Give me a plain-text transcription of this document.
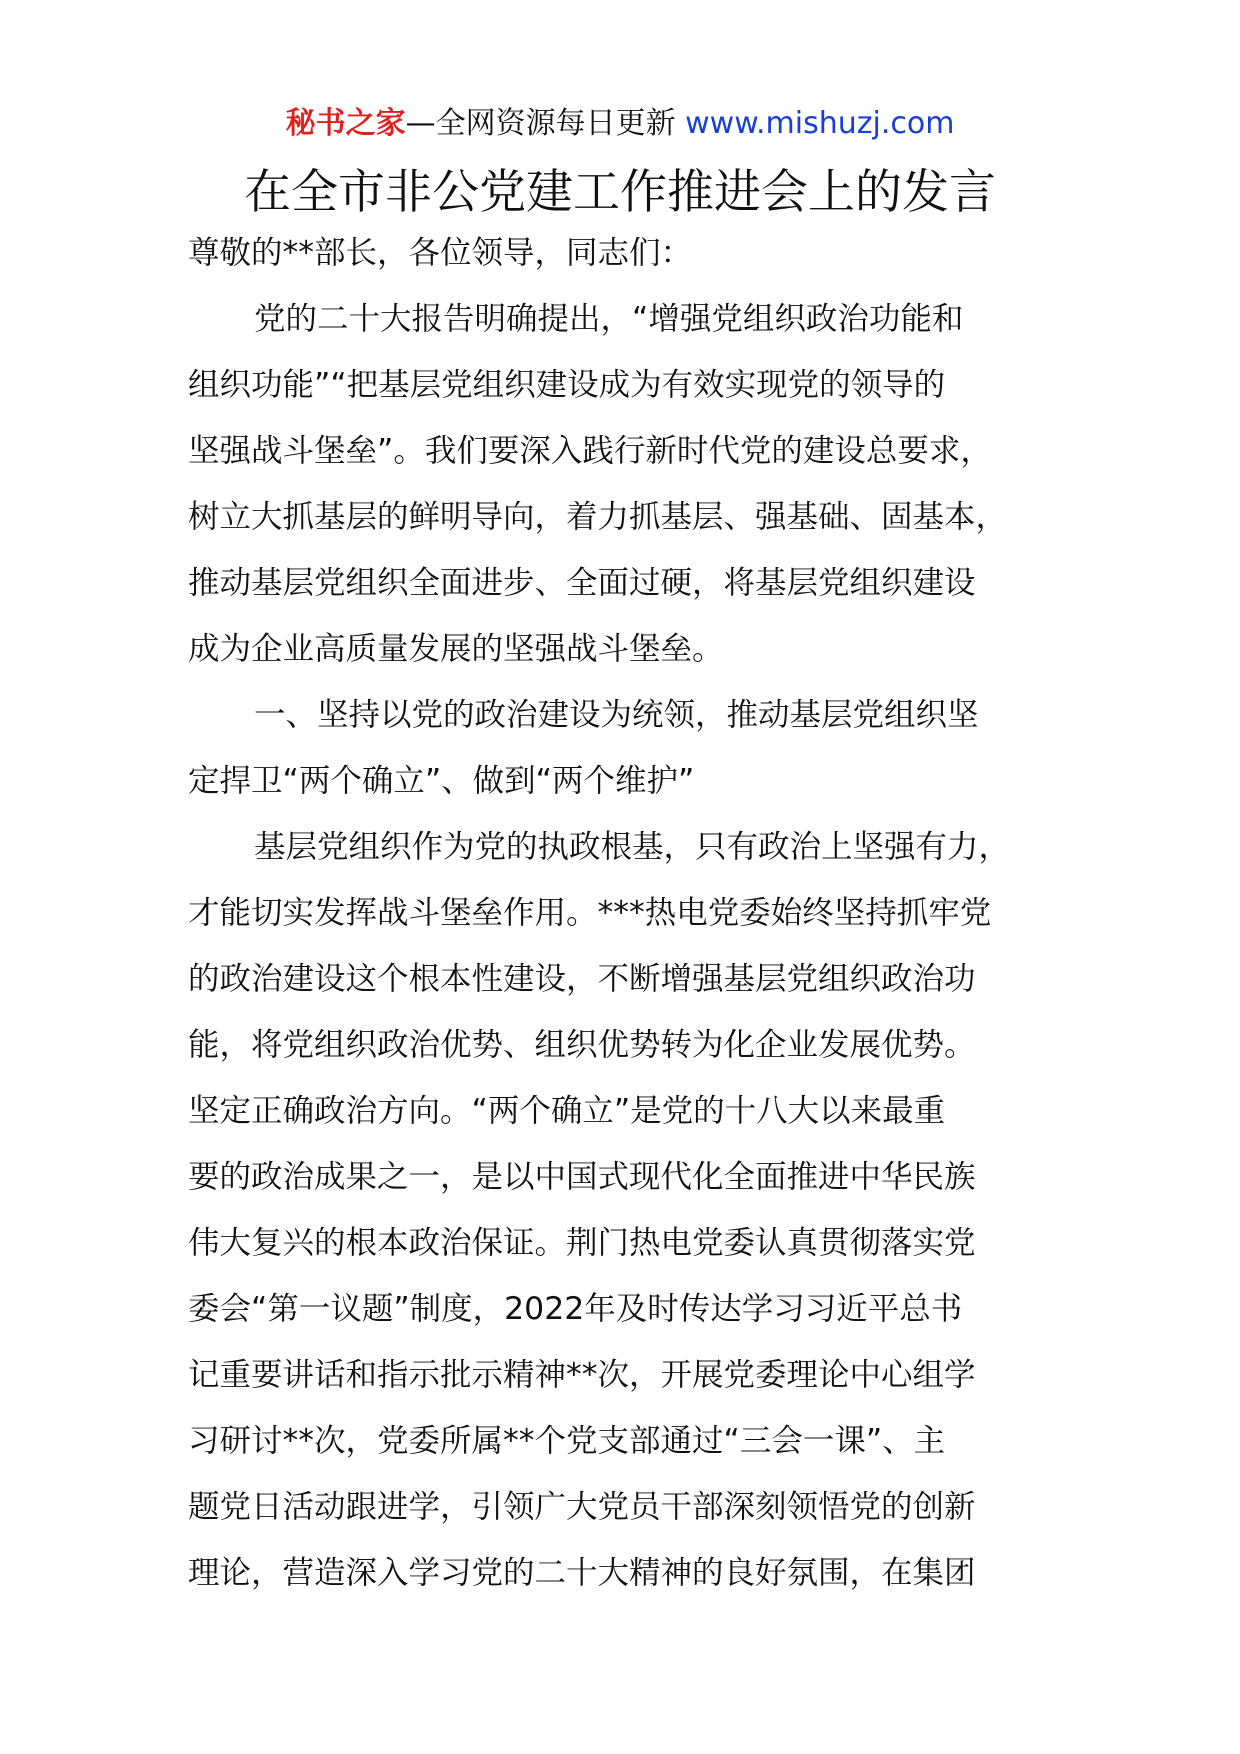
秘书之家—全网资源每日更新 www.mishuzj.com
在全市非公党建工作推进会上的发言
尊敬的**部长，各位领导，同志们：
党的二十大报告明确提出，“增强党组织政治功能和
组织功能”“把基层党组织建设成为有效实现党的领导的
坚强战斗堡垒”。我们要深入践行新时代党的建设总要求，
树立大抓基层的鲜明导向，着力抓基层、强基础、固基本，
推动基层党组织全面进步、全面过硬，将基层党组织建设
成为企业高质量发展的坚强战斗堡垒。
一、坚持以党的政治建设为统领，推动基层党组织坚
定捍卫“两个确立”、做到“两个维护”
基层党组织作为党的执政根基，只有政治上坚强有力，
才能切实发挥战斗堡垒作用。***热电党委始终坚持抓牢党
的政治建设这个根本性建设，不断增强基层党组织政治功
能，将党组织政治优势、组织优势转为化企业发展优势。
坚定正确政治方向。“两个确立”是党的十八大以来最重
要的政治成果之一，是以中国式现代化全面推进中华民族
伟大复兴的根本政治保证。荆门热电党委认真贯彻落实党
委会“第一议题”制度，2022年及时传达学习习近平总书
记重要讲话和指示批示精神**次，开展党委理论中心组学
习研讨**次，党委所属**个党支部通过“三会一课”、主
题党日活动跟进学，引领广大党员干部深刻领悟党的创新
理论，营造深入学习党的二十大精神的良好氛围，在集团
